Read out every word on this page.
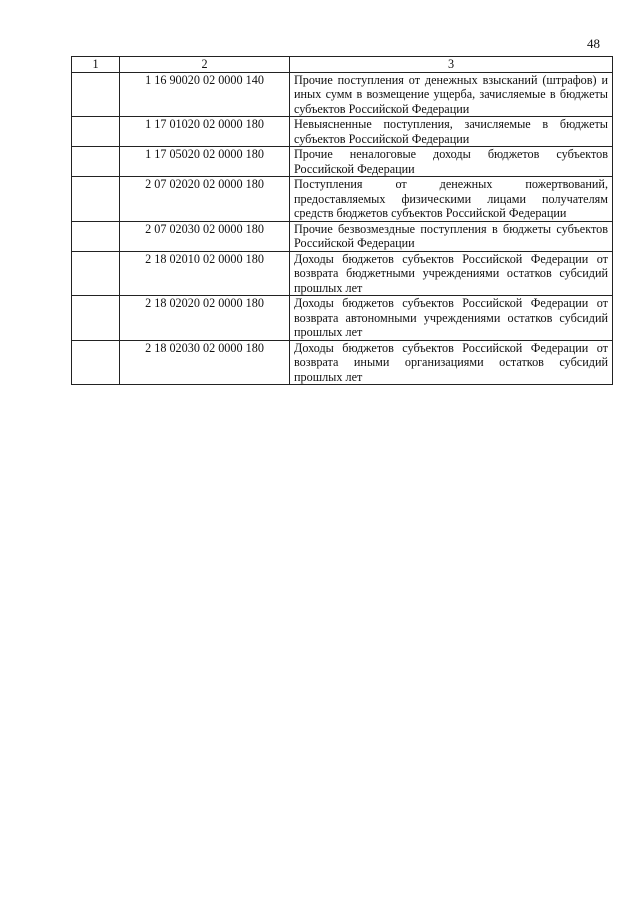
48
1	2	3
	1 16 90020 02 0000 140	Прочие поступления от денежных взысканий (штрафов) и иных сумм в возмещение ущерба, зачисляемые в бюджеты субъектов Российской Федерации
	1 17 01020 02 0000 180	Невыясненные поступления, зачисляемые в бюджеты субъектов Российской Федерации
	1 17 05020 02 0000 180	Прочие неналоговые доходы бюджетов субъектов Российской Федерации
	2 07 02020 02 0000 180	Поступления от денежных пожертвований, предоставляемых физическими лицами получателям средств бюджетов субъектов Российской Федерации
	2 07 02030 02 0000 180	Прочие безвозмездные поступления в бюджеты субъектов Российской Федерации
	2 18 02010 02 0000 180	Доходы бюджетов субъектов Российской Федерации от возврата бюджетными учреждениями остатков субсидий прошлых лет
	2 18 02020 02 0000 180	Доходы бюджетов субъектов Российской Федерации от возврата автономными учреждениями остатков субсидий прошлых лет
	2 18 02030 02 0000 180	Доходы бюджетов субъектов Российской Федерации от возврата иными организациями остатков субсидий прошлых лет
